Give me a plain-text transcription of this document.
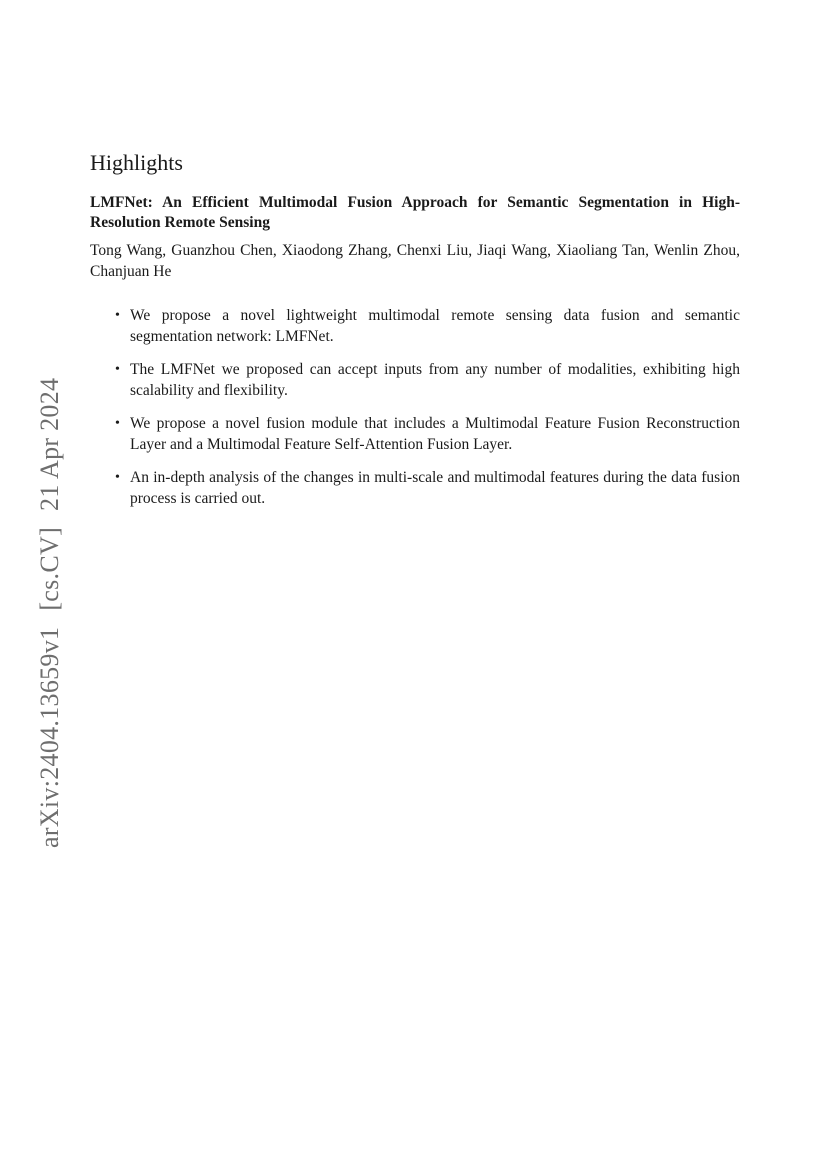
arXiv:2404.13659v1[cs.CV]21 Apr 2024
Highlights
LMFNet: An Efficient Multimodal Fusion Approach for Semantic Segmentation in High-Resolution Remote Sensing
Tong Wang, Guanzhou Chen, Xiaodong Zhang, Chenxi Liu, Jiaqi Wang, Xiaoliang Tan, Wenlin Zhou, Chanjuan He
• We propose a novel lightweight multimodal remote sensing data fusion and semantic segmentation network: LMFNet.
• The LMFNet we proposed can accept inputs from any number of modalities, exhibiting high scalability and flexibility.
• We propose a novel fusion module that includes a Multimodal Feature Fusion Reconstruction Layer and a Multimodal Feature Self-Attention Fusion Layer.
• An in-depth analysis of the changes in multi-scale and multimodal features during the data fusion process is carried out.
